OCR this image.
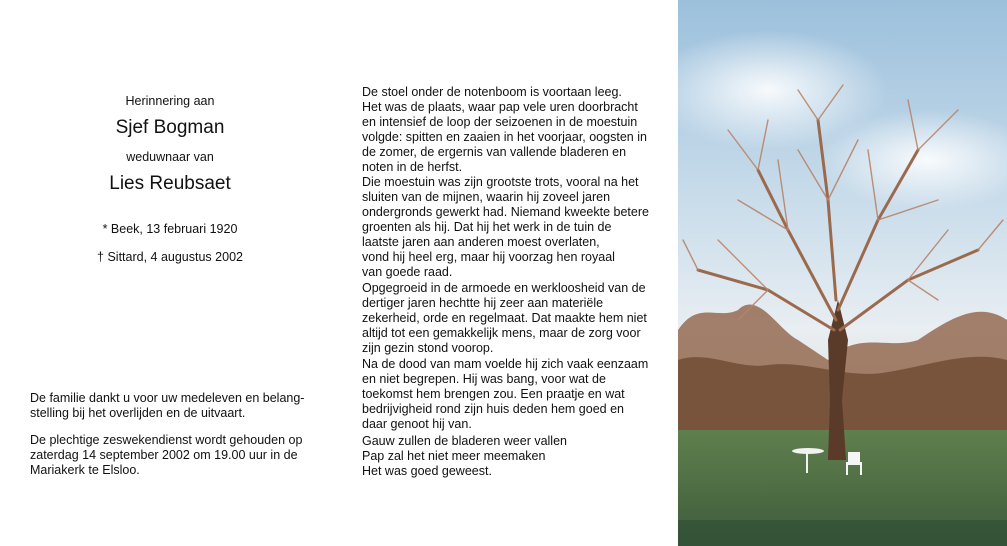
Herinnering aan
Sjef Bogman
weduwnaar van
Lies Reubsaet
* Beek, 13 februari 1920
† Sittard, 4 augustus 2002
De familie dankt u voor uw medeleven en belang-
stelling bij het overlijden en de uitvaart.
De plechtige zeswekendienst wordt gehouden op
zaterdag 14 september 2002 om 19.00 uur in de
Mariakerk te Elsloo.
De stoel onder de notenboom is voortaan leeg.
Het was de plaats, waar pap vele uren doorbracht
en intensief de loop der seizoenen in de moestuin
volgde: spitten en zaaien in het voorjaar, oogsten in
de zomer, de ergernis van vallende bladeren en
noten in de herfst.
Die moestuin was zijn grootste trots, vooral na het
sluiten van de mijnen, waarin hij zoveel jaren
ondergronds gewerkt had. Niemand kweekte betere
groenten als hij. Dat hij het werk in de tuin de
laatste jaren aan anderen moest overlaten,
vond hij heel erg, maar hij voorzag hen royaal
van goede raad.
Opgegroeid in de armoede en werkloosheid van de
dertiger jaren hechtte hij zeer aan materiële
zekerheid, orde en regelmaat. Dat maakte hem niet
altijd tot een gemakkelijk mens, maar de zorg voor
zijn gezin stond voorop.
Na de dood van mam voelde hij zich vaak eenzaam
en niet begrepen. Hij was bang, voor wat de
toekomst hem brengen zou. Een praatje en wat
bedrijvigheid rond zijn huis deden hem goed en
daar genoot hij van.
Gauw zullen de bladeren weer vallen
Pap zal het niet meer meemaken
Het was goed geweest.
